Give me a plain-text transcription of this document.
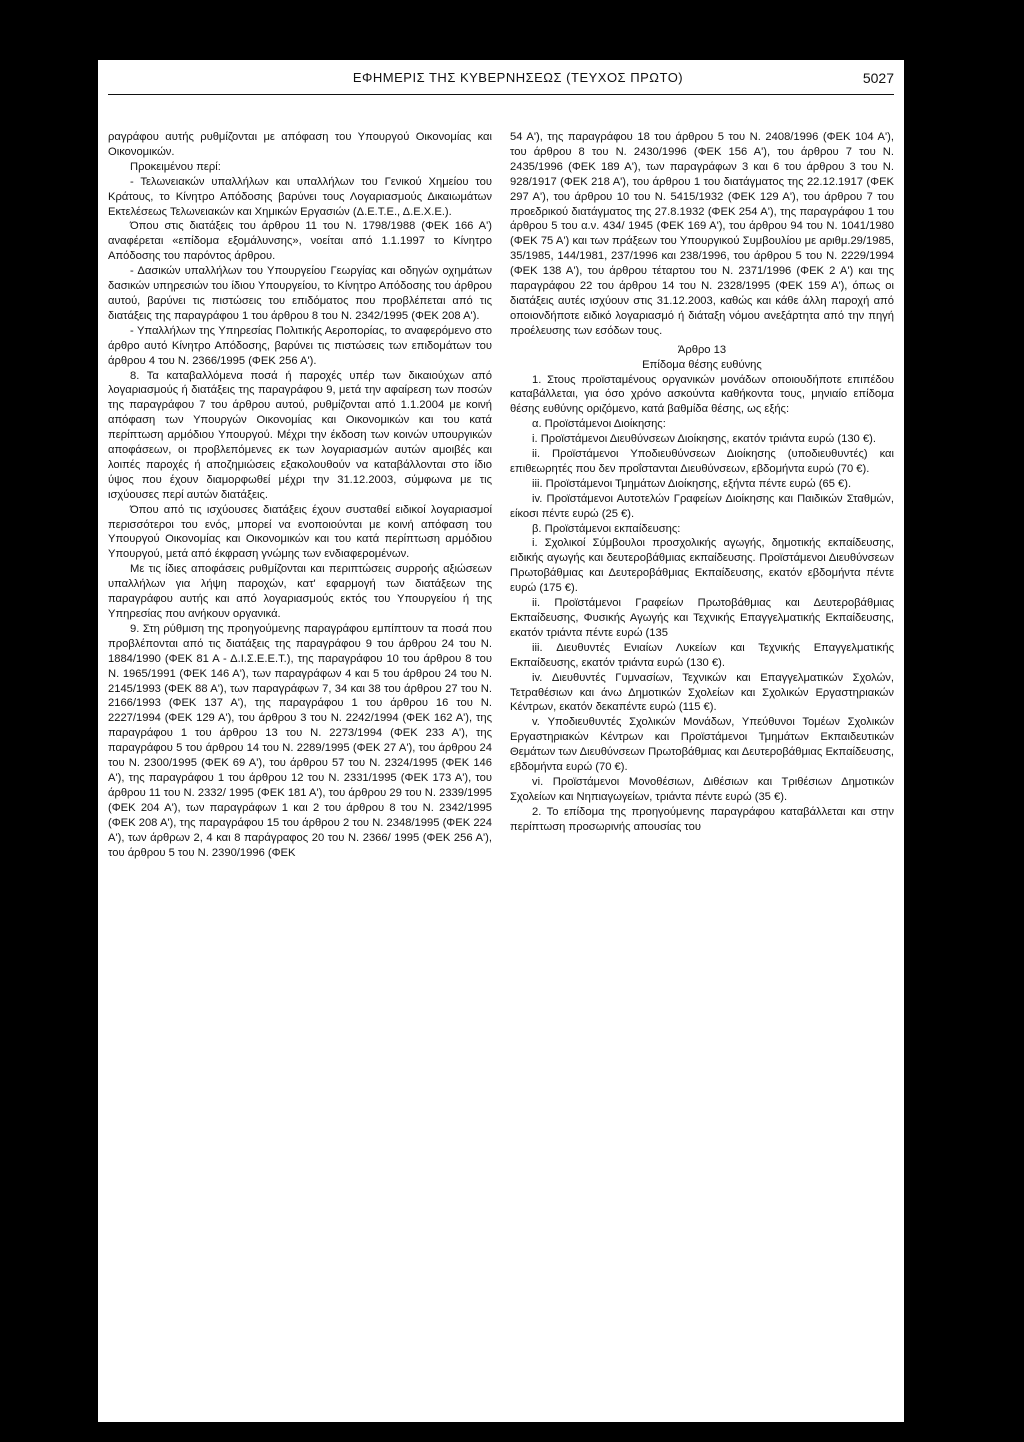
ΕΦΗΜΕΡΙΣ ΤΗΣ ΚΥΒΕΡΝΗΣΕΩΣ (ΤΕΥΧΟΣ ΠΡΩΤΟ)	5027

ραγράφου αυτής ρυθμίζονται με απόφαση του Υπουργού Οικονομίας και Οικονομικών.

Προκειμένου περί:

- Τελωνειακών υπαλλήλων και υπαλλήλων του Γενικού Χημείου του Κράτους, το Κίνητρο Απόδοσης βαρύνει τους Λογαριασμούς Δικαιωμάτων Εκτελέσεως Τελωνειακών και Χημικών Εργασιών (Δ.Ε.Τ.Ε., Δ.Ε.Χ.Ε.).

Όπου στις διατάξεις του άρθρου 11 του Ν. 1798/1988 (ΦΕΚ 166 Α') αναφέρεται «επίδομα εξομάλυνσης», νοείται από 1.1.1997 το Κίνητρο Απόδοσης του παρόντος άρθρου.

- Δασικών υπαλλήλων του Υπουργείου Γεωργίας και οδηγών οχημάτων δασικών υπηρεσιών του ίδιου Υπουργείου, το Κίνητρο Απόδοσης του άρθρου αυτού, βαρύνει τις πιστώσεις του επιδόματος που προβλέπεται από τις διατάξεις της παραγράφου 1 του άρθρου 8 του Ν. 2342/1995 (ΦΕΚ 208 Α').

- Υπαλλήλων της Υπηρεσίας Πολιτικής Αεροπορίας, το αναφερόμενο στο άρθρο αυτό Κίνητρο Απόδοσης, βαρύνει τις πιστώσεις των επιδομάτων του άρθρου 4 του Ν. 2366/1995 (ΦΕΚ 256 Α').

8. Τα καταβαλλόμενα ποσά ή παροχές υπέρ των δικαιούχων από λογαριασμούς ή διατάξεις της παραγράφου 9, μετά την αφαίρεση των ποσών της παραγράφου 7 του άρθρου αυτού, ρυθμίζονται από 1.1.2004 με κοινή απόφαση των Υπουργών Οικονομίας και Οικονομικών και του κατά περίπτωση αρμόδιου Υπουργού. Μέχρι την έκδοση των κοινών υπουργικών αποφάσεων, οι προβλεπόμενες εκ των λογαριασμών αυτών αμοιβές και λοιπές παροχές ή αποζημιώσεις εξακολουθούν να καταβάλλονται στο ίδιο ύψος που έχουν διαμορφωθεί μέχρι την 31.12.2003, σύμφωνα με τις ισχύουσες περί αυτών διατάξεις.

Όπου από τις ισχύουσες διατάξεις έχουν συσταθεί ειδικοί λογαριασμοί περισσότεροι του ενός, μπορεί να ενοποιούνται με κοινή απόφαση του Υπουργού Οικονομίας και Οικονομικών και του κατά περίπτωση αρμόδιου Υπουργού, μετά από έκφραση γνώμης των ενδιαφερομένων.

Με τις ίδιες αποφάσεις ρυθμίζονται και περιπτώσεις συρροής αξιώσεων υπαλλήλων για λήψη παροχών, κατ' εφαρμογή των διατάξεων της παραγράφου αυτής και από λογαριασμούς εκτός του Υπουργείου ή της Υπηρεσίας που ανήκουν οργανικά.

9. Στη ρύθμιση της προηγούμενης παραγράφου εμπίπτουν τα ποσά που προβλέπονται από τις διατάξεις της παραγράφου 9 του άρθρου 24 του Ν. 1884/1990 (ΦΕΚ 81 Α - Δ.Ι.Σ.Ε.Ε.Τ.), της παραγράφου 10 του άρθρου 8 του Ν. 1965/1991 (ΦΕΚ 146 Α'), των παραγράφων 4 και 5 του άρθρου 24 του Ν. 2145/1993 (ΦΕΚ 88 Α'), των παραγράφων 7, 34 και 38 του άρθρου 27 του Ν. 2166/1993 (ΦΕΚ 137 Α'), της παραγράφου 1 του άρθρου 16 του Ν. 2227/1994 (ΦΕΚ 129 Α'), του άρθρου 3 του Ν. 2242/1994 (ΦΕΚ 162 Α'), της παραγράφου 1 του άρθρου 13 του Ν. 2273/1994 (ΦΕΚ 233 Α'), της παραγράφου 5 του άρθρου 14 του Ν. 2289/1995 (ΦΕΚ 27 Α'), του άρθρου 24 του Ν. 2300/1995 (ΦΕΚ 69 Α'), του άρθρου 57 του Ν. 2324/1995 (ΦΕΚ 146 Α'), της παραγράφου 1 του άρθρου 12 του Ν. 2331/1995 (ΦΕΚ 173 Α'), του άρθρου 11 του Ν. 2332/ 1995 (ΦΕΚ 181 Α'), του άρθρου 29 του Ν. 2339/1995 (ΦΕΚ 204 Α'), των παραγράφων 1 και 2 του άρθρου 8 του Ν. 2342/1995 (ΦΕΚ 208 Α'), της παραγράφου 15 του άρθρου 2 του Ν. 2348/1995 (ΦΕΚ 224 Α'), των άρθρων 2, 4 και 8 παράγραφος 20 του Ν. 2366/ 1995 (ΦΕΚ 256 Α'), του άρθρου 5 του Ν. 2390/1996 (ΦΕΚ

54 Α'), της παραγράφου 18 του άρθρου 5 του Ν. 2408/1996 (ΦΕΚ 104 Α'), του άρθρου 8 του Ν. 2430/1996 (ΦΕΚ 156 Α'), του άρθρου 7 του Ν. 2435/1996 (ΦΕΚ 189 Α'), των παραγράφων 3 και 6 του άρθρου 3 του Ν. 928/1917 (ΦΕΚ 218 Α'), του άρθρου 1 του διατάγματος της 22.12.1917 (ΦΕΚ 297 Α'), του άρθρου 10 του Ν. 5415/1932 (ΦΕΚ 129 Α'), του άρθρου 7 του προεδρικού διατάγματος της 27.8.1932 (ΦΕΚ 254 Α'), της παραγράφου 1 του άρθρου 5 του α.ν. 434/ 1945 (ΦΕΚ 169 Α'), του άρθρου 94 του Ν. 1041/1980 (ΦΕΚ 75 Α') και των πράξεων του Υπουργικού Συμβουλίου με αριθμ.29/1985, 35/1985, 144/1981, 237/1996 και 238/1996, του άρθρου 5 του Ν. 2229/1994 (ΦΕΚ 138 Α'), του άρθρου τέταρτου του Ν. 2371/1996 (ΦΕΚ 2 Α') και της παραγράφου 22 του άρθρου 14 του Ν. 2328/1995 (ΦΕΚ 159 Α'), όπως οι διατάξεις αυτές ισχύουν στις 31.12.2003, καθώς και κάθε άλλη παροχή από οποιονδήποτε ειδικό λογαριασμό ή διάταξη νόμου ανεξάρτητα από την πηγή προέλευσης των εσόδων τους.

Άρθρο 13

Επίδομα θέσης ευθύνης

1. Στους προϊσταμένους οργανικών μονάδων οποιουδήποτε επιπέδου καταβάλλεται, για όσο χρόνο ασκούντα καθήκοντα τους, μηνιαίο επίδομα θέσης ευθύνης οριζόμενο, κατά βαθμίδα θέσης, ως εξής:

α. Προϊστάμενοι Διοίκησης:

i. Προϊστάμενοι Διευθύνσεων Διοίκησης, εκατόν τριάντα ευρώ (130 €).

ii. Προϊστάμενοι Υποδιευθύνσεων Διοίκησης (υποδιευθυντές) και επιθεωρητές που δεν προΐστανται Διευθύνσεων, εβδομήντα ευρώ (70 €).

iii. Προϊστάμενοι Τμημάτων Διοίκησης, εξήντα πέντε ευρώ (65 €).

iv. Προϊστάμενοι Αυτοτελών Γραφείων Διοίκησης και Παιδικών Σταθμών, είκοσι πέντε ευρώ (25 €).

β. Προϊστάμενοι εκπαίδευσης:

i. Σχολικοί Σύμβουλοι προσχολικής αγωγής, δημοτικής εκπαίδευσης, ειδικής αγωγής και δευτεροβάθμιας εκπαίδευσης. Προϊστάμενοι Διευθύνσεων Πρωτοβάθμιας και Δευτεροβάθμιας Εκπαίδευσης, εκατόν εβδομήντα πέντε ευρώ (175 €).

ii. Προϊστάμενοι Γραφείων Πρωτοβάθμιας και Δευτεροβάθμιας Εκπαίδευσης, Φυσικής Αγωγής και Τεχνικής Επαγγελματικής Εκπαίδευσης, εκατόν τριάντα πέντε ευρώ (135

iii. Διευθυντές Ενιαίων Λυκείων και Τεχνικής Επαγγελματικής Εκπαίδευσης, εκατόν τριάντα ευρώ (130 €).

iv. Διευθυντές Γυμνασίων, Τεχνικών και Επαγγελματικών Σχολών, Τετραθέσιων και άνω Δημοτικών Σχολείων και Σχολικών Εργαστηριακών Κέντρων, εκατόν δεκαπέντε ευρώ (115 €).

v. Υποδιευθυντές Σχολικών Μονάδων, Υπεύθυνοι Τομέων Σχολικών Εργαστηριακών Κέντρων και Προϊστάμενοι Τμημάτων Εκπαιδευτικών Θεμάτων των Διευθύνσεων Πρωτοβάθμιας και Δευτεροβάθμιας Εκπαίδευσης, εβδομήντα ευρώ (70 €).

vi. Προϊστάμενοι Μονοθέσιων, Διθέσιων και Τριθέσιων Δημοτικών Σχολείων και Νηπιαγωγείων, τριάντα πέντε ευρώ (35 €).

2. Το επίδομα της προηγούμενης παραγράφου καταβάλλεται και στην περίπτωση προσωρινής απουσίας του
